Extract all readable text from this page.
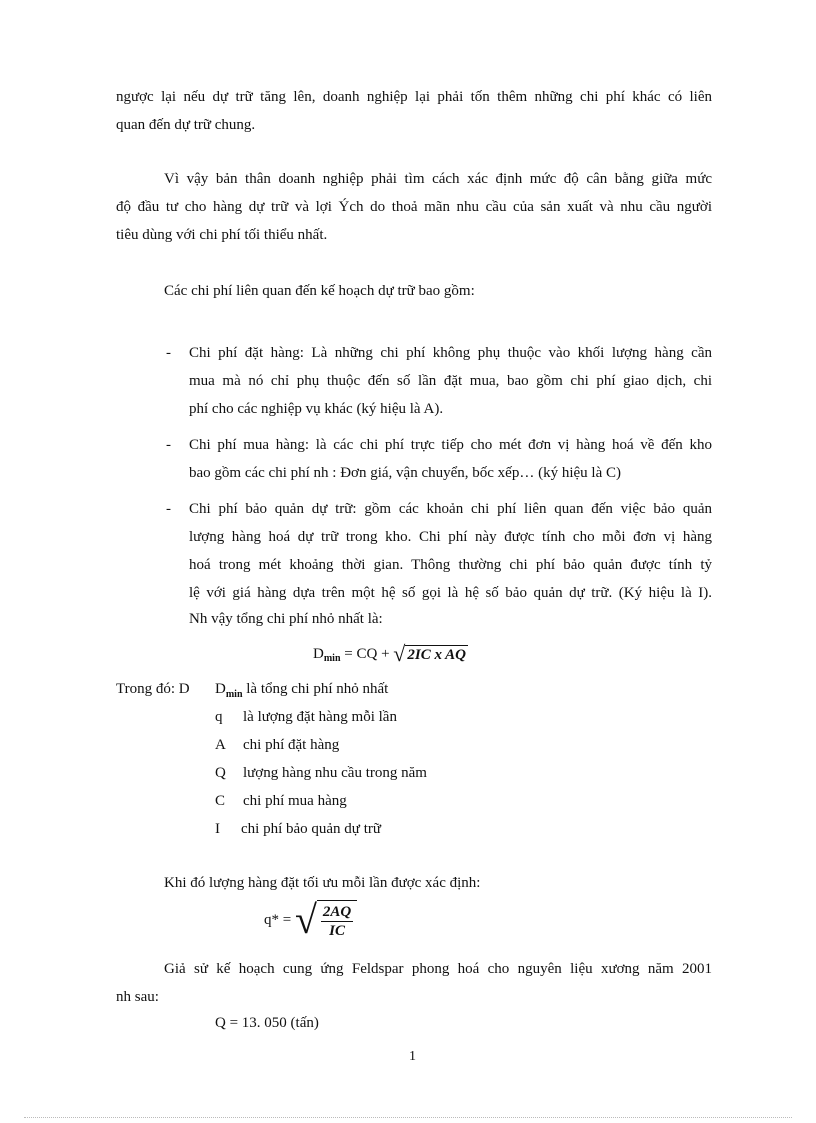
ngược lại nếu dự trữ tăng lên, doanh nghiệp lại phải tốn thêm những chi phí khác có liên
quan đến dự trữ chung.
Vì vậy bản thân doanh nghiệp phải tìm cách xác định mức độ cân bằng giữa mức
độ đầu tư cho hàng dự trữ và lợi Ých do thoả mãn nhu cầu của sản xuất và nhu cầu người
tiêu dùng với chi phí tối thiểu nhất.
Các chi phí liên quan đến kế hoạch dự trữ bao gồm:
- Chi phí đặt hàng: Là những chi phí không phụ thuộc vào khối lượng hàng cần
mua mà nó chỉ phụ thuộc đến số lần đặt mua, bao gồm chi phí giao dịch, chi
phí cho các nghiệp vụ khác (ký hiệu là A).
- Chi phí mua hàng: là các chi phí trực tiếp cho mét đơn vị hàng hoá về đến kho
bao gồm các chi phí nh : Đơn giá, vận chuyển, bốc xếp… (ký hiệu là C)
- Chi phí bảo quản dự trữ: gồm các khoản chi phí liên quan đến việc bảo quản
lượng hàng hoá dự trữ trong kho. Chi phí này được tính cho mỗi đơn vị hàng
hoá trong mét khoảng thời gian. Thông thường chi phí bảo quản được tính tỷ
lệ với giá hàng dựa trên một hệ số gọi là hệ số bảo quản dự trữ. (Ký hiệu là I).
Nh vậy tổng chi phí nhỏ nhất là:
D min = CQ + √ 2IC x AQ
Trong đó: D $D_{min}$ là tổng chi phí nhỏ nhất
q là lượng đặt hàng mỗi lần
A chi phí đặt hàng
Q lượng hàng nhu cầu trong năm
C chi phí mua hàng
I chi phí bảo quản dự trữ
Khi đó lượng hàng đặt tối ưu mỗi lần được xác định:
q* = √ $\frac{2AQ}{IC}$
Giả sử kế hoạch cung ứng Feldspar phong hoá cho nguyên liệu xương năm 2001
nh sau:
Q = 13. 050 (tấn)
1
